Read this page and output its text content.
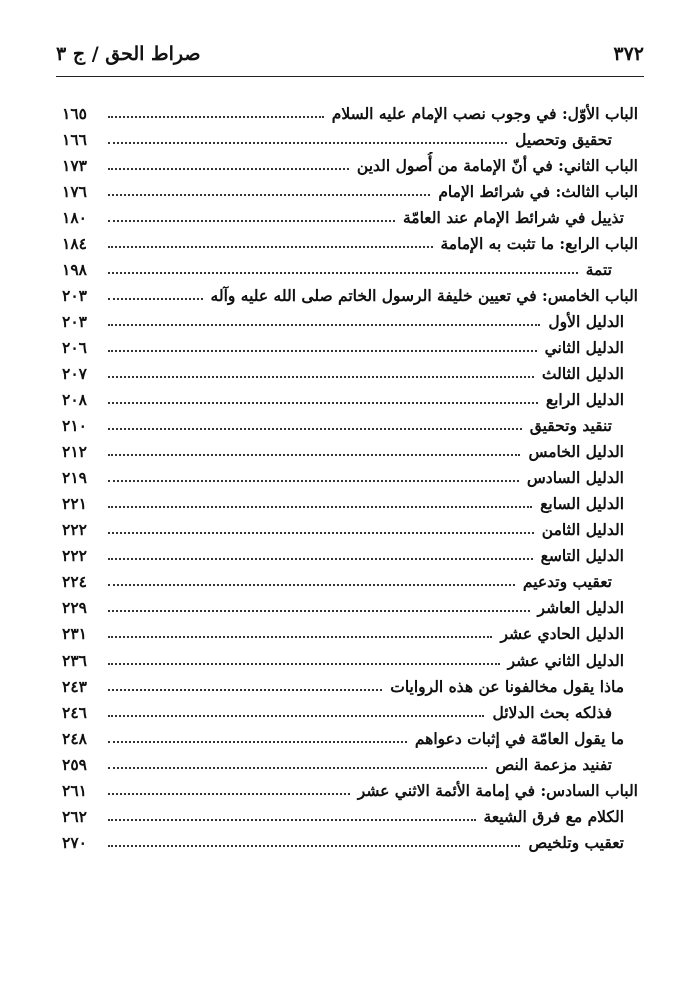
صراط الحق / ج ٣	٣٧٢
الباب الأوّل: في وجوب نصب الإمام عليه السلام
١٦٥
تحقيق وتحصيل
١٦٦
الباب الثاني: في أنّ الإمامة من أُصول الدين
١٧٣
الباب الثالث: في شرائط الإمام
١٧٦
تذييل في شرائط الإمام عند العامّة
١٨٠
الباب الرابع: ما تثبت به الإمامة
١٨٤
تتمة
١٩٨
الباب الخامس: في تعيين خليفة الرسول الخاتم صلى الله عليه وآله
٢٠٣
الدليل الأول
٢٠٣
الدليل الثاني
٢٠٦
الدليل الثالث
٢٠٧
الدليل الرابع
٢٠٨
تنقيد وتحقيق
٢١٠
الدليل الخامس
٢١٢
الدليل السادس
٢١٩
الدليل السابع
٢٢١
الدليل الثامن
٢٢٢
الدليل التاسع
٢٢٢
تعقيب وتدعيم
٢٢٤
الدليل العاشر
٢٢٩
الدليل الحادي عشر
٢٣١
الدليل الثاني عشر
٢٣٦
ماذا يقول مخالفونا عن هذه الروايات
٢٤٣
فذلكه بحث الدلائل
٢٤٦
ما يقول العامّة في إثبات دعواهم
٢٤٨
تفنيد مزعمة النص
٢٥٩
الباب السادس: في إمامة الأئمة الاثني عشر
٢٦١
الكلام مع فرق الشيعة
٢٦٢
تعقيب وتلخيص
٢٧٠
